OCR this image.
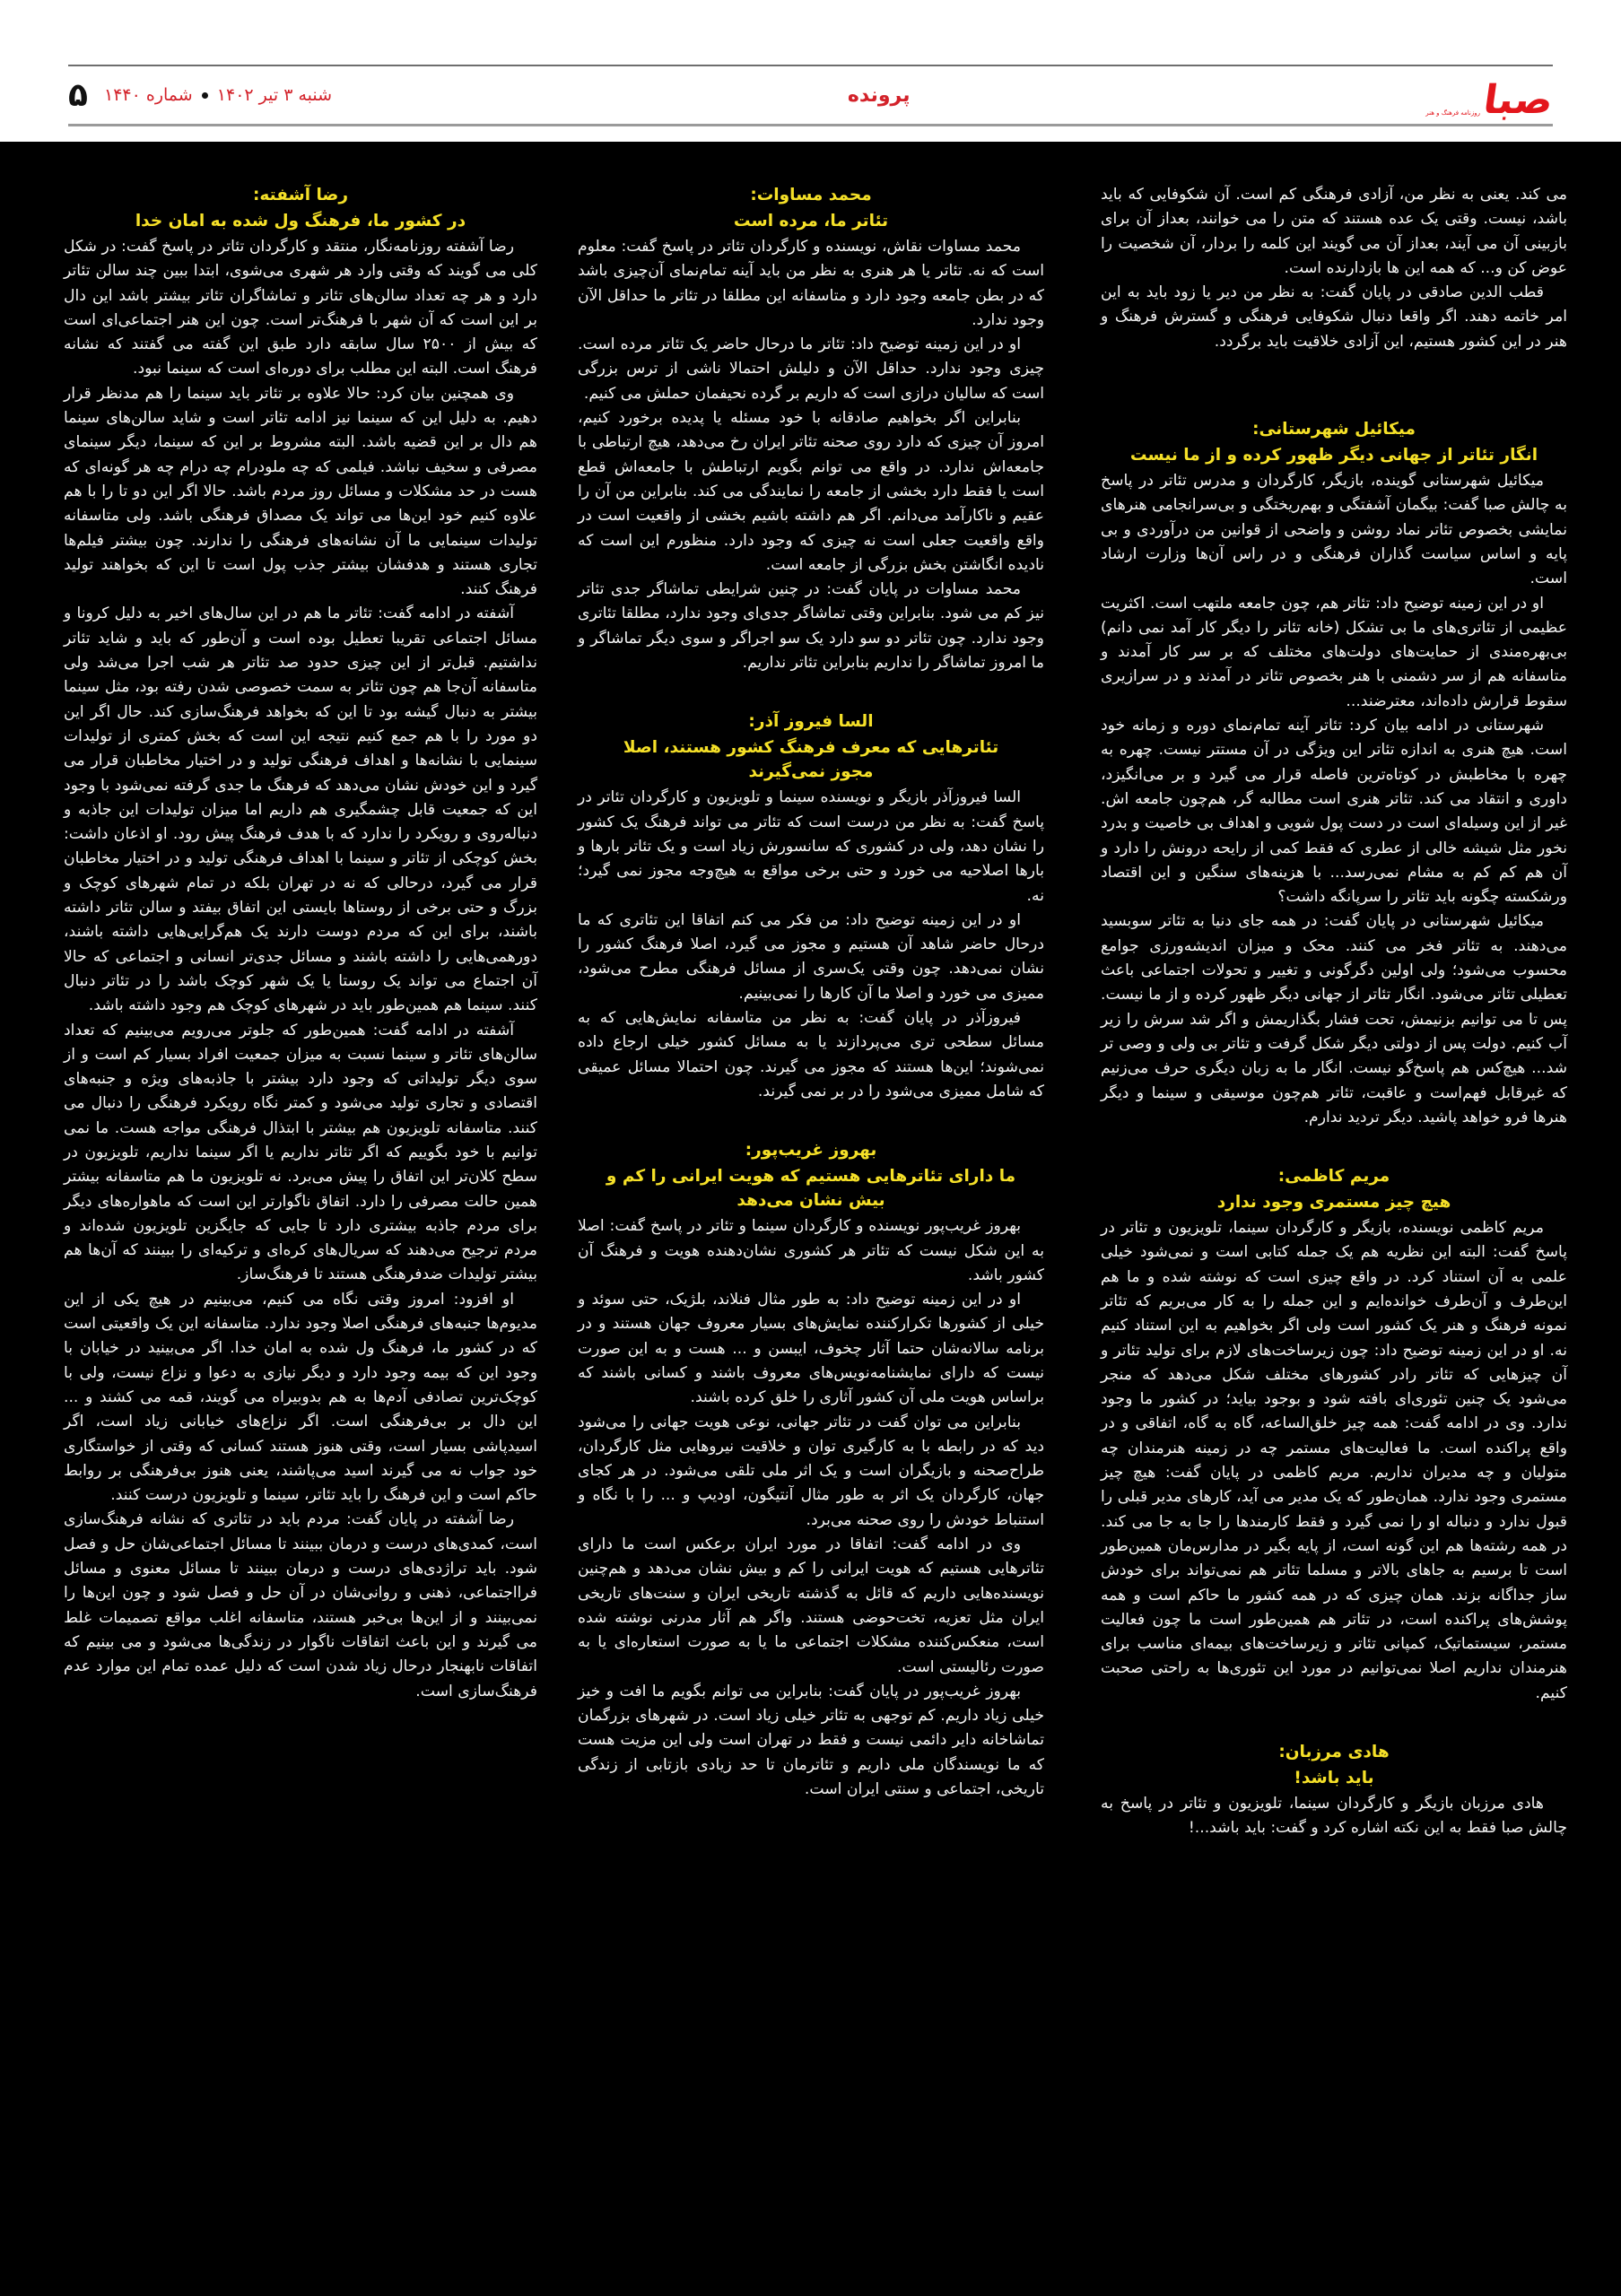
صبا
روزنامه فرهنگ و هنر
پرونده
شنبه ۳ تیر ۱۴۰۲  شماره ۱۴۴۰
۵

می کند. یعنی به نظر من، آزادی فرهنگی کم است. آن شکوفایی که باید باشد، نیست. وقتی یک عده هستند که متن را می خوانند، بعداز آن برای بازبینی آن می آیند، بعداز آن می گویند این کلمه را بردار، آن شخصیت را عوض کن و... که همه این ها بازدارنده است.

قطب الدین صادقی در پایان گفت: به نظر من دیر یا زود باید به این امر خاتمه دهند. اگر واقعا دنبال شکوفایی فرهنگی و گسترش فرهنگ و هنر در این کشور هستیم، این آزادی خلاقیت باید برگردد.

میکائیل شهرستانی:
انگار تئاتر از جهانی دیگر ظهور کرده و از ما نیست

میکائیل شهرستانی گوینده، بازیگر، کارگردان و مدرس تئاتر در پاسخ به چالش صبا گفت: بیگمان آشفتگی و بهم‌ریختگی و بی‌سرانجامی هنرهای نمایشی بخصوص تئاتر نماد روشن و واضحی از قوانین من درآوردی و بی پایه و اساس سیاست گذاران فرهنگی و در راس آن‌ها وزارت ارشاد است.

او در این زمینه توضیح داد: تئاتر هم، چون جامعه ملتهب است. اکثریت عظیمی از تئاتری‌های ما بی تشکل (خانه تئاتر را دیگر کار آمد نمی دانم) بی‌بهره‌مندی از حمایت‌های دولت‌های مختلف که بر سر کار آمدند و متاسفانه هم از سر دشمنی با هنر بخصوص تئاتر در آمدند و در سرازیری سقوط قرارش داده‌اند، معترضند...

شهرستانی در ادامه بیان کرد: تئاتر آینه تمام‌نمای دوره و زمانه خود است. هیچ هنری به اندازه تئاتر این ویژگی در آن مستتر نیست. چهره به چهره با مخاطبش در کوتاه‌ترین فاصله قرار می گیرد و بر می‌انگیزد، داوری و انتقاد می کند. تئاتر هنری است مطالبه گر، هم‌چون جامعه اش. غیر از این وسیله‌ای است در دست پول شویی و اهداف بی خاصیت و بدرد نخور مثل شیشه خالی از عطری که فقط کمی از رایحه درونش را دارد و آن هم کم کم به مشام نمی‌رسد... با هزینه‌های سنگین و این اقتصاد ورشکسته چگونه باید تئاتر را سرپانگه داشت؟

میکائیل شهرستانی در پایان گفت: در همه جای دنیا به تئاتر سوبسید می‌دهند. به تئاتر فخر می کنند. محک و میزان اندیشه‌ورزی جوامع محسوب می‌شود؛ ولی اولین دگرگونی و تغییر و تحولات اجتماعی باعث تعطیلی تئاتر می‌شود. انگار تئاتر از جهانی دیگر ظهور کرده و از ما نیست. پس تا می توانیم بزنیمش، تحت فشار بگذاریمش و اگر شد سرش را زیر آب کنیم. دولت پس از دولتی دیگر شکل گرفت و تئاتر بی ولی و وصی تر شد... هیچ‌کس هم پاسخ‌گو نیست. انگار ما به زبان دیگری حرف می‌زنیم که غیرقابل فهم‌است و عاقبت، تئاتر هم‌چون موسیقی و سینما و دیگر هنرها فرو خواهد پاشید. دیگر تردید ندارم.

مریم کاظمی:
هیچ چیز مستمری وجود ندارد

مریم کاظمی نویسنده، بازیگر و کارگردان سینما، تلویزیون و تئاتر در پاسخ گفت: البته این نظریه هم یک جمله کتابی است و نمی‌شود خیلی علمی به آن استناد کرد. در واقع چیزی است که نوشته شده و ما هم این‌طرف و آن‌طرف خوانده‌ایم و این جمله را به کار می‌بریم که تئاتر نمونه فرهنگ و هنر یک کشور است ولی اگر بخواهیم به این استناد کنیم نه. او در این زمینه توضیح داد: چون زیرساخت‌های لازم برای تولید تئاتر و آن چیزهایی که تئاتر رادر کشورهای مختلف شکل می‌دهد که منجر می‌شود یک چنین تئوری‌ای بافته شود و بوجود بیاید؛ در کشور ما وجود ندارد. وی در ادامه گفت: همه چیز خلق‌الساعه، گاه به گاه، اتفاقی و در واقع پراکنده است. ما فعالیت‌های مستمر چه در زمینه هنرمندان چه متولیان و چه مدیران نداریم. مریم کاظمی در پایان گفت: هیچ چیز مستمری وجود ندارد. همان‌طور که یک مدیر می آید، کارهای مدیر قبلی را قبول ندارد و دنباله او را نمی گیرد و فقط کارمندها را جا به جا می کند. در همه رشته‌ها هم این گونه است، از پایه بگیر در مدارس‌مان همین‌طور است تا برسیم به جاهای بالاتر و مسلما تئاتر هم نمی‌تواند برای خودش ساز جداگانه بزند. همان چیزی که در همه کشور ما حاکم است و همه پوشش‌های پراکنده است، در تئاتر هم همین‌طور است ما چون فعالیت مستمر، سیستماتیک، کمپانی تئاتر و زیرساخت‌های بیمه‌ای مناسب برای هنرمندان نداریم اصلا نمی‌توانیم در مورد این تئوری‌ها به راحتی صحبت کنیم.

هادی مرزبان:
باید باشد!

هادی مرزبان بازیگر و کارگردان سینما، تلویزیون و تئاتر در پاسخ به چالش صبا فقط به این نکته اشاره کرد و گفت: باید باشد...!

محمد مساوات:
تئاتر ما، مرده است

محمد مساوات نقاش، نویسنده و کارگردان تئاتر در پاسخ گفت: معلوم است که نه. تئاتر یا هر هنری به نظر من باید آینه تمام‌نمای آن‌چیزی باشد که در بطن جامعه وجود دارد و متاسفانه این مطلقا در تئاتر ما حداقل الآن وجود ندارد.

او در این زمینه توضیح داد: تئاتر ما درحال حاضر یک تئاتر مرده است. چیزی وجود ندارد. حداقل الآن و دلیلش احتمالا ناشی از ترس بزرگی است که سالیان درازی است که داریم بر گرده نحیفمان حملش می کنیم.

بنابراین اگر بخواهیم صادقانه با خود مسئله یا پدیده برخورد کنیم، امروز آن چیزی که دارد روی صحنه تئاتر ایران رخ می‌دهد، هیچ ارتباطی با جامعه‌اش ندارد. در واقع می توانم بگویم ارتباطش با جامعه‌اش قطع است یا فقط دارد بخشی از جامعه را نمایندگی می کند. بنابراین من آن را عقیم و ناکارآمد می‌دانم. اگر هم داشته باشیم بخشی از واقعیت است در واقع واقعیت جعلی است نه چیزی که وجود دارد. منظورم این است که نادیده انگاشتن بخش بزرگی از جامعه است.

محمد مساوات در پایان گفت: در چنین شرایطی تماشاگر جدی تئاتر نیز کم می شود. بنابراین وقتی تماشاگر جدی‌ای وجود ندارد، مطلقا تئاتری وجود ندارد. چون تئاتر دو سو دارد یک سو اجراگر و سوی دیگر تماشاگر و ما امروز تماشاگر را نداریم بنابراین تئاتر نداریم.

السا فیروز آذر:
تئاترهایی که معرف فرهنگ کشور هستند، اصلا مجوز نمی‌گیرند

السا فیروزآذر بازیگر و نویسنده سینما و تلویزیون و کارگردان تئاتر در پاسخ گفت: به نظر من درست است که تئاتر می تواند فرهنگ یک کشور را نشان دهد، ولی در کشوری که سانسورش زیاد است و یک تئاتر بارها و بارها اصلاحیه می خورد و حتی برخی مواقع به هیچ‌وجه مجوز نمی گیرد؛ نه.

او در این زمینه توضیح داد: من فکر می کنم اتفاقا این تئاتری که ما درحال حاضر شاهد آن هستیم و مجوز می گیرد، اصلا فرهنگ کشور را نشان نمی‌دهد. چون وقتی یک‌سری از مسائل فرهنگی مطرح می‌شود، ممیزی می خورد و اصلا ما آن کارها را نمی‌بینیم.

فیروزآذر در پایان گفت: به نظر من متاسفانه نمایش‌هایی که به مسائل سطحی تری می‌پردازند یا به مسائل کشور خیلی ارجاع داده نمی‌شوند؛ این‌ها هستند که مجوز می گیرند. چون احتمالا مسائل عمیقی که شامل ممیزی می‌شود را در بر نمی گیرند.

بهروز غریب‌پور:
ما دارای تئاترهایی هستیم که هویت ایرانی را کم و بیش نشان می‌دهد

بهروز غریب‌پور نویسنده و کارگردان سینما و تئاتر در پاسخ گفت: اصلا به این شکل نیست که تئاتر هر کشوری نشان‌دهنده هویت و فرهنگ آن کشور باشد.

او در این زمینه توضیح داد: به طور مثال فنلاند، بلژیک، حتی سوئد و خیلی از کشورها تکرار‌کننده نمایش‌های بسیار معروف جهان هستند و در برنامه سالانه‌شان حتما آثار چخوف، ایبسن و ... هست و به این صورت نیست که دارای نمایشنامه‌نویس‌های معروف باشند و کسانی باشند که براساس هویت ملی آن کشور آثاری را خلق کرده باشند.

بنابراین می توان گفت در تئاتر جهانی، نوعی هویت جهانی را می‌شود دید که در رابطه با به کارگیری توان و خلاقیت نیروهایی مثل کارگردان، طراح‌صحنه و بازیگران است و یک اثر ملی تلقی می‌شود. در هر کجای جهان، کارگردان یک اثر به طور مثال آنتیگون، اودیپ و ... را با نگاه و استنباط خودش را روی صحنه می‌برد.

وی در ادامه گفت: اتفاقا در مورد ایران برعکس است ما دارای تئاترهایی هستیم که هویت ایرانی را کم و بیش نشان می‌دهد و هم‌چنین نویسنده‌هایی داریم که قائل به گذشته تاریخی ایران و سنت‌های تاریخی ایران مثل تعزیه، تخت‌حوضی هستند. واگر هم آثار مدرنی نوشته شده است، منعکس‌کننده مشکلات اجتماعی ما یا به صورت استعاره‌ای یا به صورت رئالیستی است.

بهروز غریب‌پور در پایان گفت: بنابراین می توانم بگویم ما افت و خیز خیلی زیاد داریم. کم توجهی به تئاتر خیلی زیاد است. در شهرهای بزرگمان تماشاخانه دایر دائمی نیست و فقط در تهران است ولی این مزیت هست که ما نویسندگان ملی داریم و تئاترمان تا حد زیادی بازتابی از زندگی تاریخی، اجتماعی و سنتی ایران است.

رضا آشفته:
در کشور ما، فرهنگ ول شده به امان خدا

رضا آشفته روزنامه‌نگار، منتقد و کارگردان تئاتر در پاسخ گفت: در شکل کلی می گویند که وقتی وارد هر شهری می‌شوی، ابتدا ببین چند سالن تئاتر دارد و هر چه تعداد سالن‌های تئاتر و تماشاگران تئاتر بیشتر باشد این دال بر این است که آن شهر با فرهنگ‌تر است. چون این هنر اجتماعی‌ای است که بیش از ۲۵۰۰ سال سابقه دارد طبق این گفته می گفتند که نشانه فرهنگ است. البته این مطلب برای دوره‌ای است که سینما نبود.

وی همچنین بیان کرد: حالا علاوه بر تئاتر باید سینما را هم مدنظر قرار دهیم. به دلیل این که سینما نیز ادامه تئاتر است و شاید سالن‌های سینما هم دال بر این قضیه باشد. البته مشروط بر این که سینما، دیگر سینمای مصرفی و سخیف نباشد. فیلمی که چه ملودرام چه درام چه هر گونه‌ای که هست در حد مشکلات و مسائل روز مردم باشد. حالا اگر این دو تا را با هم علاوه کنیم خود این‌ها می تواند یک مصداق فرهنگی باشد. ولی متاسفانه تولیدات سینمایی ما آن نشانه‌های فرهنگی را ندارند. چون بیشتر فیلم‌ها تجاری هستند و هدفشان بیشتر جذب پول است تا این که بخواهند تولید فرهنگ کنند.

آشفته در ادامه گفت: تئاتر ما هم در این سال‌های اخیر به دلیل کرونا و مسائل اجتماعی تقریبا تعطیل بوده است و آن‌طور که باید و شاید تئاتر نداشتیم. قبل‌تر از این چیزی حدود صد تئاتر هر شب اجرا می‌شد ولی متاسفانه آن‌جا هم چون تئاتر به سمت خصوصی شدن رفته بود، مثل سینما بیشتر به دنبال گیشه بود تا این که بخواهد فرهنگ‌سازی کند. حال اگر این دو مورد را با هم جمع کنیم نتیجه این است که بخش کمتری از تولیدات سینمایی با نشانه‌ها و اهداف فرهنگی تولید و در اختیار مخاطبان قرار می گیرد و این خودش نشان می‌دهد که فرهنگ ما جدی گرفته نمی‌شود با وجود این که جمعیت قابل چشمگیری هم داریم اما میزان تولیدات این جاذبه و دنباله‌روی و رویکرد را ندارد که با هدف فرهنگ پیش رود. او اذعان داشت: بخش کوچکی از تئاتر و سینما با اهداف فرهنگی تولید و در اختیار مخاطبان قرار می گیرد، درحالی که نه در تهران بلکه در تمام شهرهای کوچک و بزرگ و حتی برخی از روستاها بایستی این اتفاق بیفتد و سالن تئاتر داشته باشند، برای این که مردم دوست دارند یک هم‌گرایی‌هایی داشته باشند، دورهمی‌هایی را داشته باشند و مسائل جدی‌تر انسانی و اجتماعی که حالا آن اجتماع می تواند یک روستا یا یک شهر کوچک باشد را در تئاتر دنبال کنند. سینما هم همین‌طور باید در شهرهای کوچک هم وجود داشته باشد.

آشفته در ادامه گفت: همین‌طور که جلوتر می‌رویم می‌بینیم که تعداد سالن‌های تئاتر و سینما نسبت به میزان جمعیت افراد بسیار کم است و از سوی دیگر تولیداتی که وجود دارد بیشتر با جاذبه‌های ویژه و جنبه‌های اقتصادی و تجاری تولید می‌شود و کمتر نگاه رویکرد فرهنگی را دنبال می کنند. متاسفانه تلویزیون هم بیشتر با ابتذال فرهنگی مواجه هست. ما نمی توانیم با خود بگوییم که اگر تئاتر نداریم یا اگر سینما نداریم، تلویزیون در سطح کلان‌تر این اتفاق را پیش می‌برد. نه تلویزیون ما هم متاسفانه بیشتر همین حالت مصرفی را دارد. اتفاق ناگوارتر این است که ماهواره‌های دیگر برای مردم جاذبه بیشتری دارد تا جایی که جایگزین تلویزیون شده‌اند و مردم ترجیح می‌دهند که سریال‌های کره‌ای و ترکیه‌ای را ببینند که آن‌ها هم بیشتر تولیدات ضدفرهنگی هستند تا فرهنگ‌ساز.

او افزود: امروز وقتی نگاه می کنیم، می‌بینیم در هیچ یکی از این مدیوم‌ها جنبه‌های فرهنگی اصلا وجود ندارد. متاسفانه این یک واقعیتی است که در کشور ما، فرهنگ ول شده به امان خدا. اگر می‌بینید در خیابان با وجود این که بیمه وجود دارد و دیگر نیازی به دعوا و نزاع نیست، ولی با کوچک‌ترین تصادفی آدم‌ها به هم بدوبیراه می گویند، قمه می کشند و ... این دال بر بی‌فرهنگی است. اگر نزاع‌های خیابانی زیاد است، اگر اسیدپاشی بسیار است، وقتی هنوز هستند کسانی که وقتی از خواستگاری خود جواب نه می گیرند اسید می‌پاشند، یعنی هنوز بی‌فرهنگی بر روابط حاکم است و این فرهنگ را باید تئاتر، سینما و تلویزیون درست کنند.

رضا آشفته در پایان گفت: مردم باید در تئاتری که نشانه فرهنگ‌سازی است، کمدی‌های درست و درمان ببینند تا مسائل اجتماعی‌شان حل و فصل شود. باید تراژدی‌های درست و درمان ببینند تا مسائل معنوی و مسائل فرااجتماعی، ذهنی و روانی‌شان در آن حل و فصل شود و چون این‌ها را نمی‌بینند و از این‌ها بی‌خبر هستند، متاسفانه اغلب مواقع تصمیمات غلط می گیرند و این باعث اتفاقات ناگوار در زندگی‌ها می‌شود و می بینیم که اتفاقات نابهنجار درحال زیاد شدن است که دلیل عمده تمام این موارد عدم فرهنگ‌سازی است.
